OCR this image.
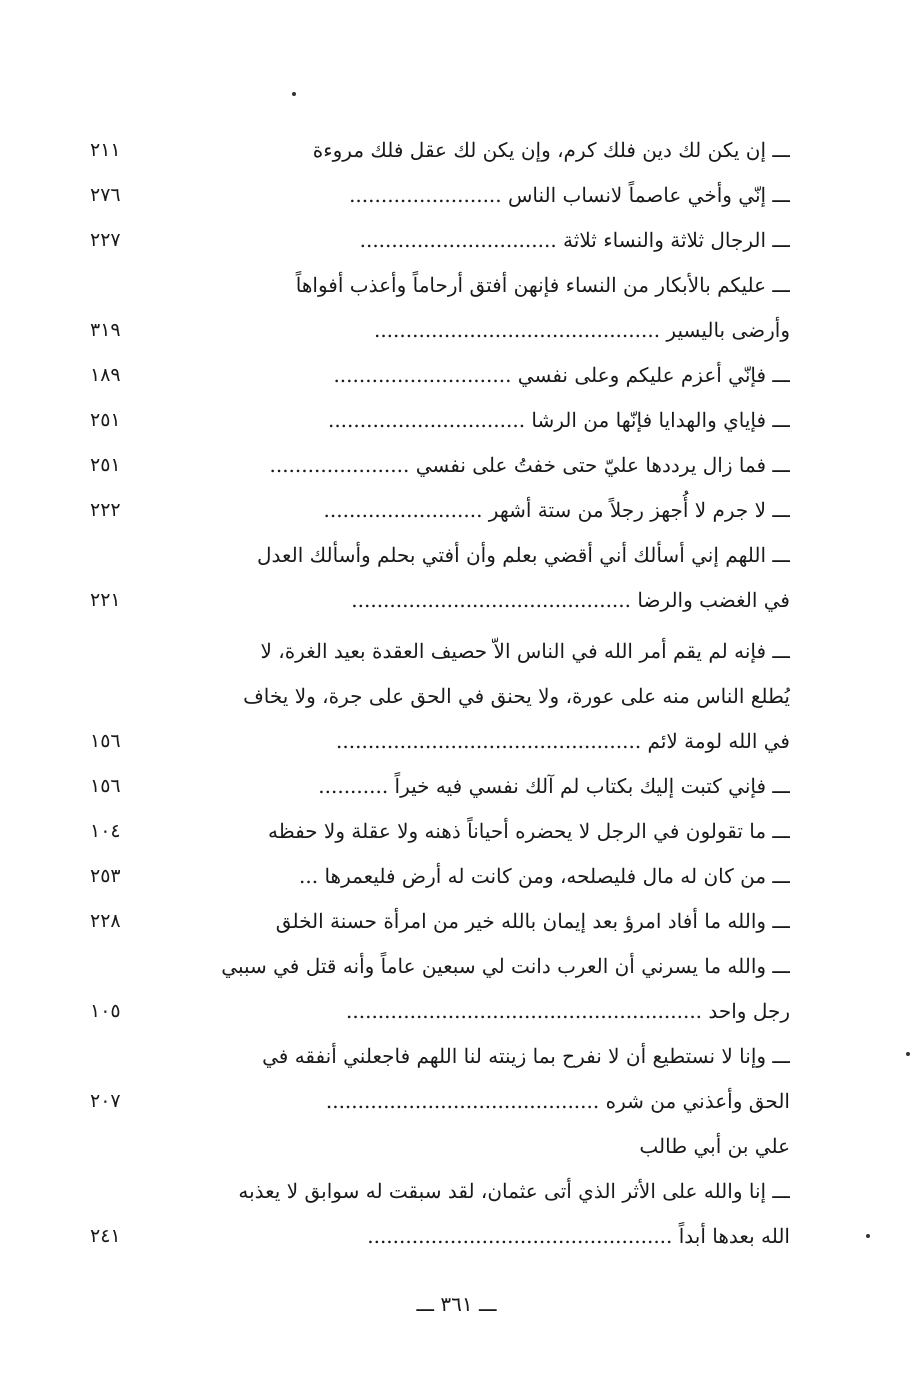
ـــ إن يكن لك دين فلك كرم، وإن يكن لك عقل فلك مروءة
٢١١
ـــ إنّي وأخي عاصماً لانساب الناس ........................
٢٧٦
ـــ الرجال ثلاثة والنساء ثلاثة ...............................
٢٢٧
ـــ عليكم بالأبكار من النساء فإنهن أفتق أرحاماً وأعذب أفواهاً
وأرضى باليسير .............................................
٣١٩
ـــ فإنّي أعزم عليكم وعلى نفسي ............................
١٨٩
ـــ فإياي والهدايا فإنّها من الرشا ...............................
٢٥١
ـــ فما زال يرددها عليّ حتى خفتُ على نفسي ......................
٢٥١
ـــ لا جرم لا أُجهز رجلاً من ستة أشهر .........................
٢٢٢
ـــ اللهم إني أسألك أني أقضي بعلم وأن أفتي بحلم وأسألك العدل
في الغضب والرضا ............................................
٢٢١
ـــ فإنه لم يقم أمر الله في الناس الاّ حصيف العقدة بعيد الغرة، لا
يُطلع الناس منه على عورة، ولا يحنق في الحق على جرة، ولا يخاف
في الله لومة لائم ................................................
١٥٦
ـــ فإني كتبت إليك بكتاب لم آلك نفسي فيه خيراً ...........
١٥٦
ـــ ما تقولون في الرجل لا يحضره أحياناً ذهنه ولا عقلة ولا حفظه
١٠٤
ـــ من كان له مال فليصلحه، ومن كانت له أرض فليعمرها ...
٢٥٣
ـــ والله ما أفاد امرؤ بعد إيمان بالله خير من امرأة حسنة الخلق
٢٢٨
ـــ والله ما يسرني أن العرب دانت لي سبعين عاماً وأنه قتل في سببي
رجل واحد ........................................................
١٠٥
ـــ وإنا لا نستطيع أن لا نفرح بما زينته لنا اللهم فاجعلني أنفقه في
الحق وأعذني من شره ...........................................
٢٠٧
علي بن أبي طالب
ـــ إنا والله على الأثر الذي أتى عثمان، لقد سبقت له سوابق لا يعذبه
الله بعدها أبداً ................................................
٢٤١
ـــ ٣٦١ ـــ
